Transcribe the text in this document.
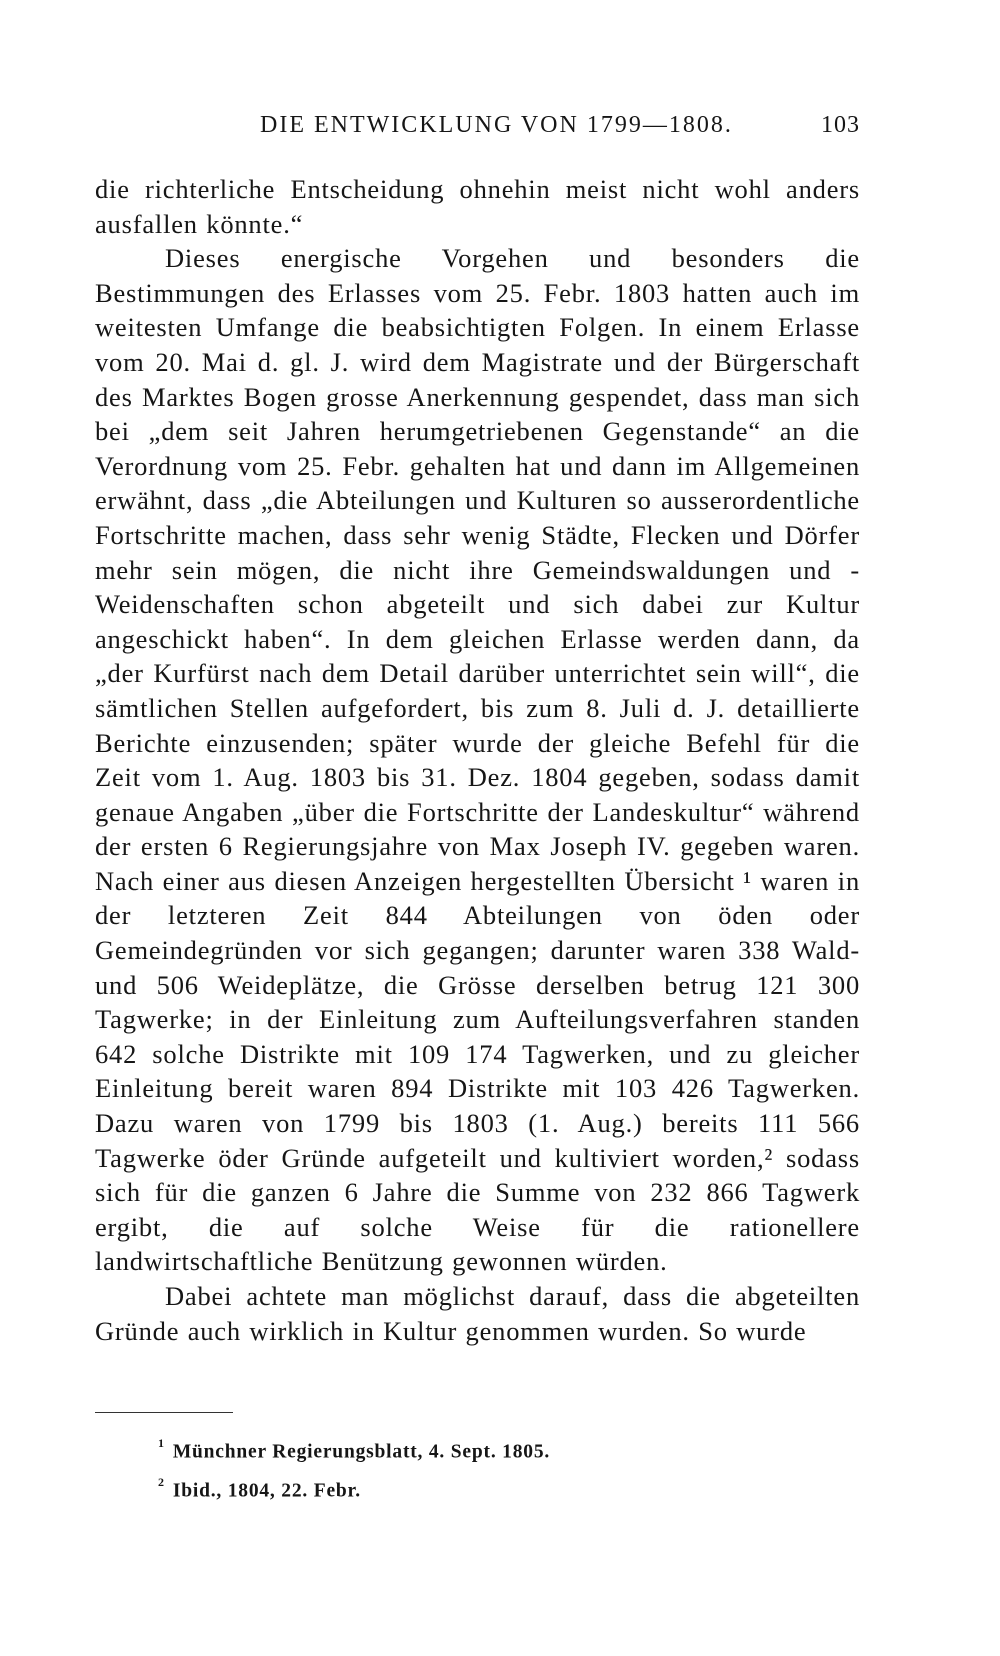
DIE ENTWICKLUNG VON 1799—1808.	103

die richterliche Entscheidung ohnehin meist nicht wohl anders ausfallen könnte.“

Dieses energische Vorgehen und besonders die Bestimmungen des Erlasses vom 25. Febr. 1803 hatten auch im weitesten Umfange die beabsichtigten Folgen. In einem Erlasse vom 20. Mai d. gl. J. wird dem Magistrate und der Bürgerschaft des Marktes Bogen grosse Anerkennung gespendet, dass man sich bei „dem seit Jahren herumgetriebenen Gegenstande“ an die Verordnung vom 25. Febr. gehalten hat und dann im Allgemeinen erwähnt, dass „die Abteilungen und Kulturen so ausserordentliche Fortschritte machen, dass sehr wenig Städte, Flecken und Dörfer mehr sein mögen, die nicht ihre Gemeindswaldungen und -Weidenschaften schon abgeteilt und sich dabei zur Kultur angeschickt haben“. In dem gleichen Erlasse werden dann, da „der Kurfürst nach dem Detail darüber unterrichtet sein will“, die sämtlichen Stellen aufgefordert, bis zum 8. Juli d. J. detaillierte Berichte einzusenden; später wurde der gleiche Befehl für die Zeit vom 1. Aug. 1803 bis 31. Dez. 1804 gegeben, sodass damit genaue Angaben „über die Fortschritte der Landeskultur“ während der ersten 6 Regierungsjahre von Max Joseph IV. gegeben waren. Nach einer aus diesen Anzeigen hergestellten Übersicht ¹ waren in der letzteren Zeit 844 Abteilungen von öden oder Gemeindegründen vor sich gegangen; darunter waren 338 Wald- und 506 Weideplätze, die Grösse derselben betrug 121 300 Tagwerke; in der Einleitung zum Aufteilungsverfahren standen 642 solche Distrikte mit 109 174 Tagwerken, und zu gleicher Einleitung bereit waren 894 Distrikte mit 103 426 Tagwerken. Dazu waren von 1799 bis 1803 (1. Aug.) bereits 111 566 Tagwerke öder Gründe aufgeteilt und kultiviert worden,² sodass sich für die ganzen 6 Jahre die Summe von 232 866 Tagwerk ergibt, die auf solche Weise für die rationellere landwirtschaftliche Benützung gewonnen würden.

Dabei achtete man möglichst darauf, dass die abgeteilten Gründe auch wirklich in Kultur genommen wurden. So wurde

$^1$ Münchner Regierungsblatt, 4. Sept. 1805.
$^2$ Ibid., 1804, 22. Febr.
